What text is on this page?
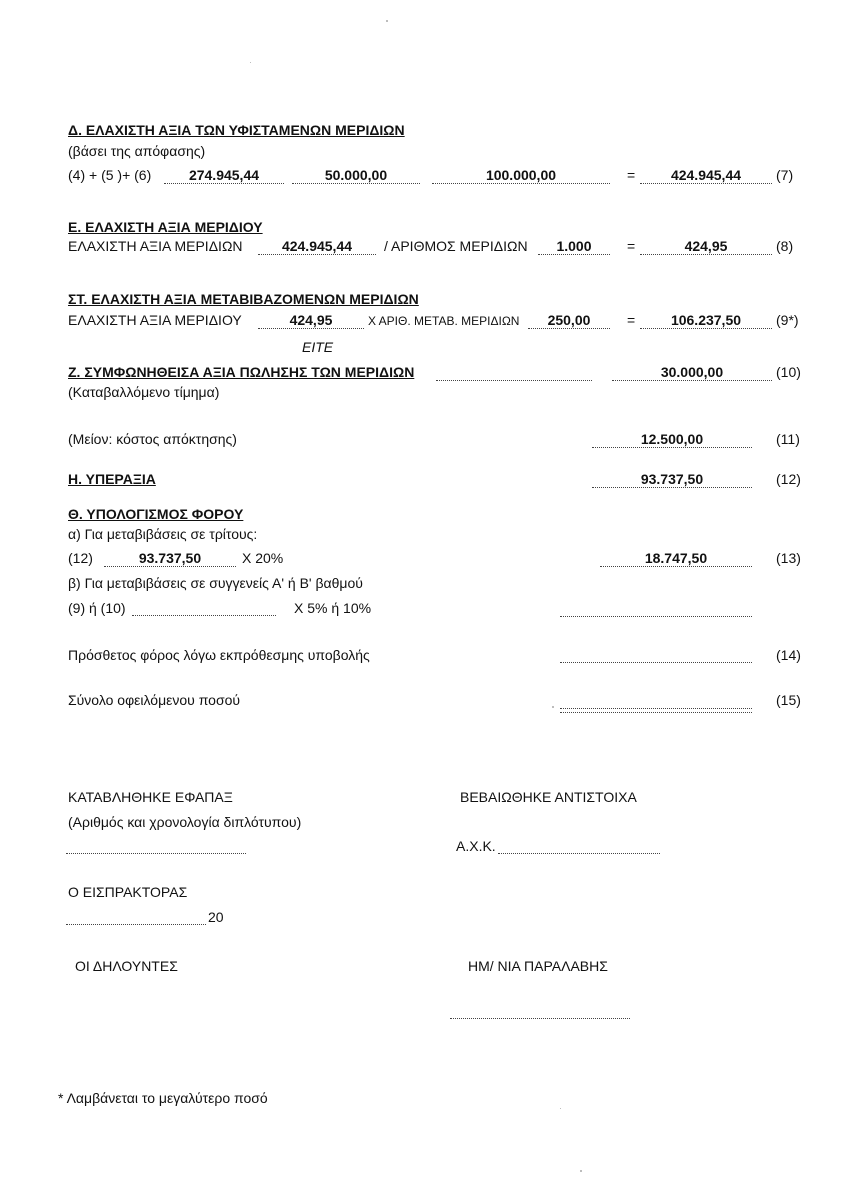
Δ. ΕΛΑΧΙΣΤΗ ΑΞΙΑ ΤΩΝ ΥΦΙΣΤΑΜΕΝΩΝ ΜΕΡΙΔΙΩΝ
(βάσει της απόφασης)
(4) + (5 )+ (6)	274.945,44	50.000,00	100.000,00	=	424.945,44	(7)
Ε. ΕΛΑΧΙΣΤΗ ΑΞΙΑ ΜΕΡΙΔΙΟΥ
ΕΛΑΧΙΣΤΗ ΑΞΙΑ ΜΕΡΙΔΙΩΝ	424.945,44	/ ΑΡΙΘΜΟΣ ΜΕΡΙΔΙΩΝ	1.000	=	424,95	(8)
ΣΤ. ΕΛΑΧΙΣΤΗ ΑΞΙΑ ΜΕΤΑΒΙΒΑΖΟΜΕΝΩΝ ΜΕΡΙΔΙΩΝ
ΕΛΑΧΙΣΤΗ ΑΞΙΑ ΜΕΡΙΔΙΟΥ	424,95	Χ ΑΡΙΘ. ΜΕΤΑΒ. ΜΕΡΙΔΙΩΝ	250,00	=	106.237,50	(9*)
ΕΙΤΕ
Ζ. ΣΥΜΦΩΝΗΘΕΙΣΑ ΑΞΙΑ ΠΩΛΗΣΗΣ ΤΩΝ ΜΕΡΙΔΙΩΝ	30.000,00	(10)
(Καταβαλλόμενο τίμημα)
(Μείον: κόστος απόκτησης)	12.500,00	(11)
Η. ΥΠΕΡΑΞΙΑ	93.737,50	(12)
Θ. ΥΠΟΛΟΓΙΣΜΟΣ ΦΟΡΟΥ
α) Για μεταβιβάσεις σε τρίτους:
(12)	93.737,50	Χ 20%	18.747,50	(13)
β) Για μεταβιβάσεις σε συγγενείς Α' ή Β' βαθμού
(9) ή (10)	Χ 5% ή 10%
Πρόσθετος φόρος λόγω εκπρόθεσμης υποβολής	(14)
Σύνολο οφειλόμενου ποσού	(15)
ΚΑΤΑΒΛΗΘΗΚΕ ΕΦΑΠΑΞ
(Αριθμός και χρονολογία διπλότυπου)
ΒΕΒΑΙΩΘΗΚΕ ΑΝΤΙΣΤΟΙΧΑ
Α.Χ.Κ.
Ο ΕΙΣΠΡΑΚΤΟΡΑΣ
20
ΟΙ ΔΗΛΟΥΝΤΕΣ	ΗΜ/ ΝΙΑ ΠΑΡΑΛΑΒΗΣ
* Λαμβάνεται το μεγαλύτερο ποσό
